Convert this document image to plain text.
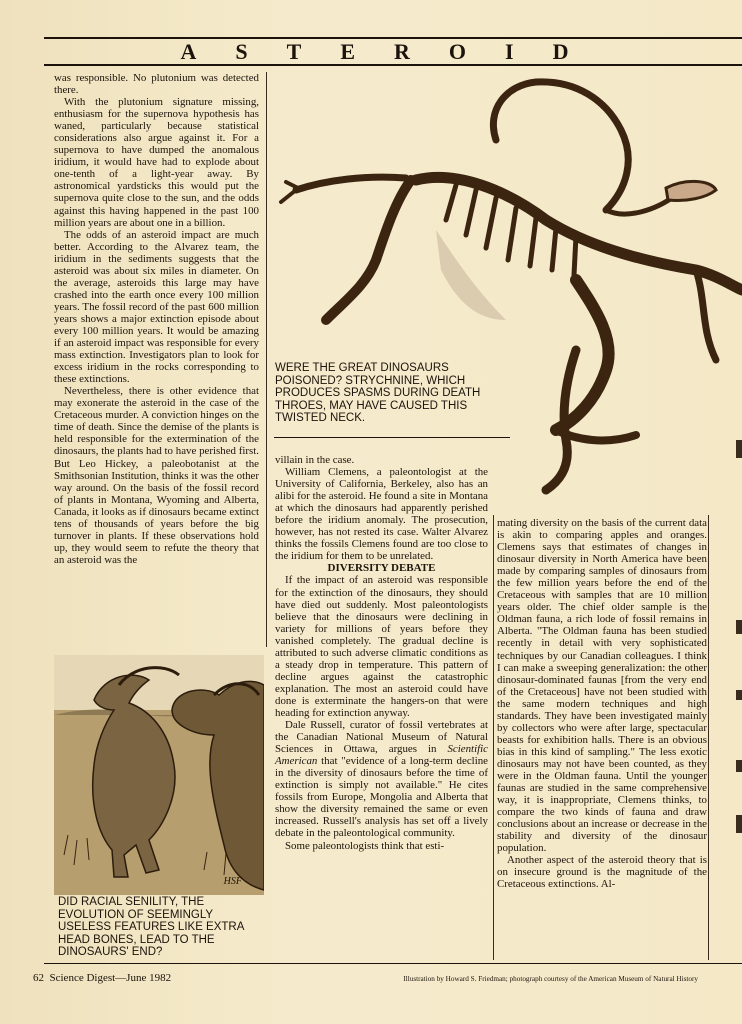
ASTEROID

was responsible. No plutonium was detected there.

With the plutonium signature missing, enthusiasm for the supernova hypothesis has waned, particularly because statistical considerations also argue against it. For a supernova to have dumped the anomalous iridium, it would have had to explode about one-tenth of a light-year away. By astronomical yardsticks this would put the supernova quite close to the sun, and the odds against this having happened in the past 100 million years are about one in a billion.

The odds of an asteroid impact are much better. According to the Alvarez team, the iridium in the sediments suggests that the asteroid was about six miles in diameter. On the average, asteroids this large may have crashed into the earth once every 100 million years. The fossil record of the past 600 million years shows a major extinction episode about every 100 million years. It would be amazing if an asteroid impact was responsible for every mass extinction. Investigators plan to look for excess iridium in the rocks corresponding to these extinctions.

Nevertheless, there is other evidence that may exonerate the asteroid in the case of the Cretaceous murder. A conviction hinges on the time of death. Since the demise of the plants is held responsible for the extermination of the dinosaurs, the plants had to have perished first. But Leo Hickey, a paleobotanist at the Smithsonian Institution, thinks it was the other way around. On the basis of the fossil record of plants in Montana, Wyoming and Alberta, Canada, it looks as if dinosaurs became extinct tens of thousands of years before the big turnover in plants. If these observations hold up, they would seem to refute the theory that an asteroid was the

WERE THE GREAT DINOSAURS POISONED? STRYCHNINE, WHICH PRODUCES SPASMS DURING DEATH THROES, MAY HAVE CAUSED THIS TWISTED NECK.

villain in the case.

William Clemens, a paleontologist at the University of California, Berkeley, also has an alibi for the asteroid. He found a site in Montana at which the dinosaurs had apparently perished before the iridium anomaly. The prosecution, however, has not rested its case. Walter Alvarez thinks the fossils Clemens found are too close to the iridium for them to be unrelated.

DIVERSITY DEBATE

If the impact of an asteroid was responsible for the extinction of the dinosaurs, they should have died out suddenly. Most paleontologists believe that the dinosaurs were declining in variety for millions of years before they vanished completely. The gradual decline is attributed to such adverse climatic conditions as a steady drop in temperature. This pattern of decline argues against the catastrophic explanation. The most an asteroid could have done is exterminate the hangers-on that were heading for extinction anyway.

Dale Russell, curator of fossil vertebrates at the Canadian National Museum of Natural Sciences in Ottawa, argues in Scientific American that "evidence of a long-term decline in the diversity of dinosaurs before the time of extinction is simply not available." He cites fossils from Europe, Mongolia and Alberta that show the diversity remained the same or even increased. Russell's analysis has set off a lively debate in the paleontological community.

Some paleontologists think that esti-

mating diversity on the basis of the current data is akin to comparing apples and oranges. Clemens says that estimates of changes in dinosaur diversity in North America have been made by comparing samples of dinosaurs from the few million years before the end of the Cretaceous with samples that are 10 million years older. The chief older sample is the Oldman fauna, a rich lode of fossil remains in Alberta. "The Oldman fauna has been studied recently in detail with very sophisticated techniques by our Canadian colleagues. I think I can make a sweeping generalization: the other dinosaur-dominated faunas [from the very end of the Cretaceous] have not been studied with the same modern techniques and high standards. They have been investigated mainly by collectors who were after large, spectacular beasts for exhibition halls. There is an obvious bias in this kind of sampling." The less exotic dinosaurs may not have been counted, as they were in the Oldman fauna. Until the younger faunas are studied in the same comprehensive way, it is inappropriate, Clemens thinks, to compare the two kinds of fauna and draw conclusions about an increase or decrease in the stability and diversity of the dinosaur population.

Another aspect of the asteroid theory that is on insecure ground is the magnitude of the Cretaceous extinctions. Al-

HSF
DID RACIAL SENILITY, THE EVOLUTION OF SEEMINGLY USELESS FEATURES LIKE EXTRA HEAD BONES, LEAD TO THE DINOSAURS' END?
62 Science Digest—June 1982	Illustration by Howard S. Friedman; photograph courtesy of the American Museum of Natural History
